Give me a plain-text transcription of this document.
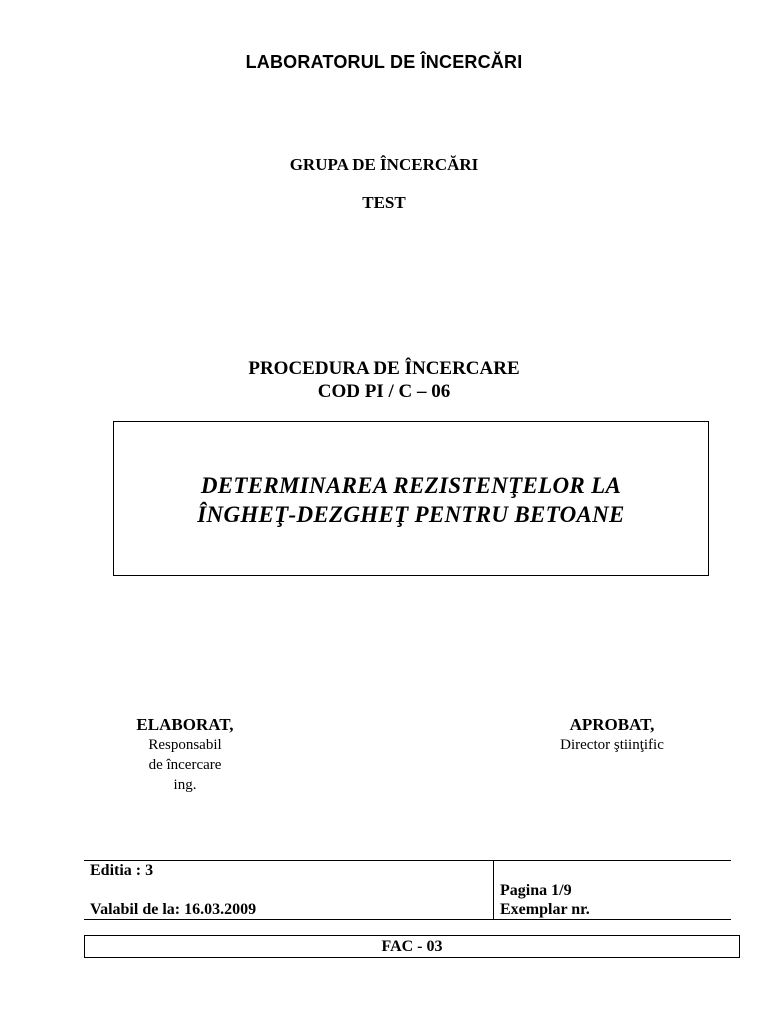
LABORATORUL DE ÎNCERCĂRI
GRUPA DE ÎNCERCĂRI
TEST
PROCEDURA DE ÎNCERCARE
COD PI / C – 06
DETERMINAREA REZISTENŢELOR LA
ÎNGHEŢ-DEZGHEŢ PENTRU BETOANE
ELABORAT,
Responsabil
de încercare
ing.
APROBAT,
Director ştiinţific
Editia : 3
Valabil de la: 16.03.2009
Pagina 1/9
Exemplar nr.
FAC - 03
